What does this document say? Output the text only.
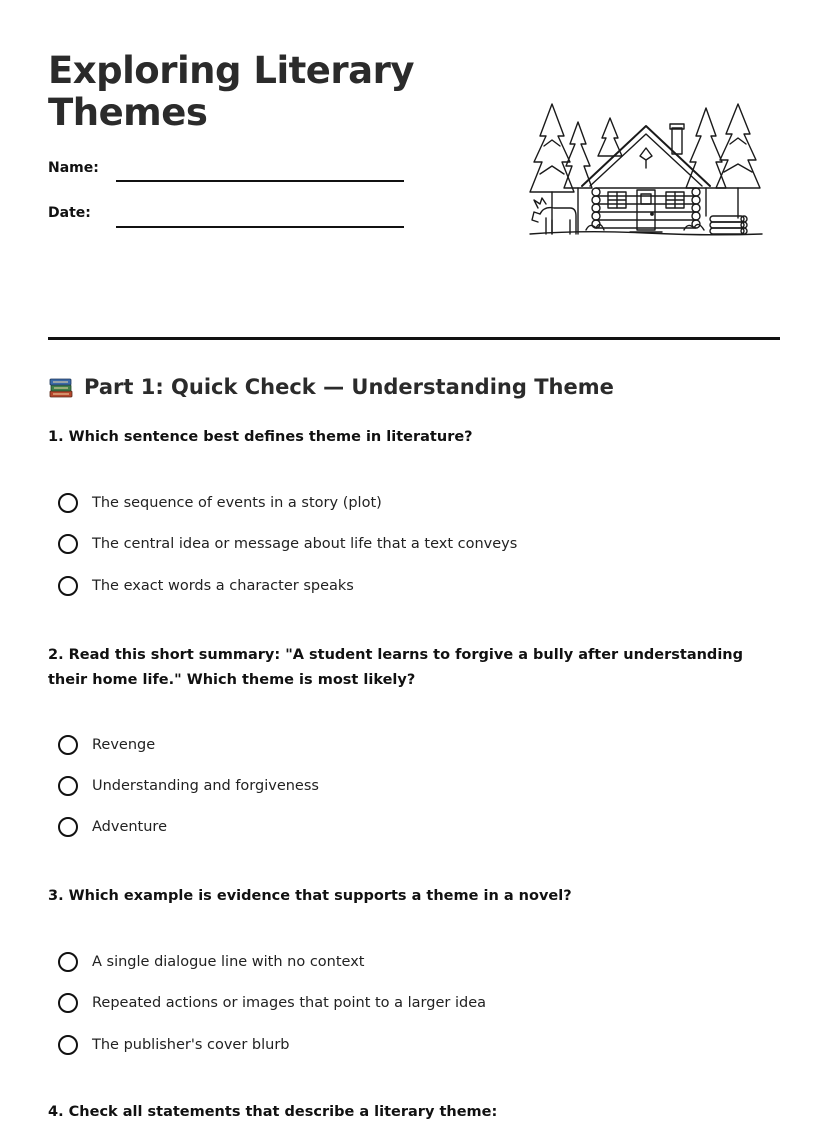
Exploring Literary Themes
Name:
Date:
Part 1: Quick Check — Understanding Theme
1. Which sentence best defines theme in literature?
The sequence of events in a story (plot)
The central idea or message about life that a text conveys
The exact words a character speaks
2. Read this short summary: "A student learns to forgive a bully after understanding their home life." Which theme is most likely?
Revenge
Understanding and forgiveness
Adventure
3. Which example is evidence that supports a theme in a novel?
A single dialogue line with no context
Repeated actions or images that point to a larger idea
The publisher's cover blurb
4. Check all statements that describe a literary theme:
